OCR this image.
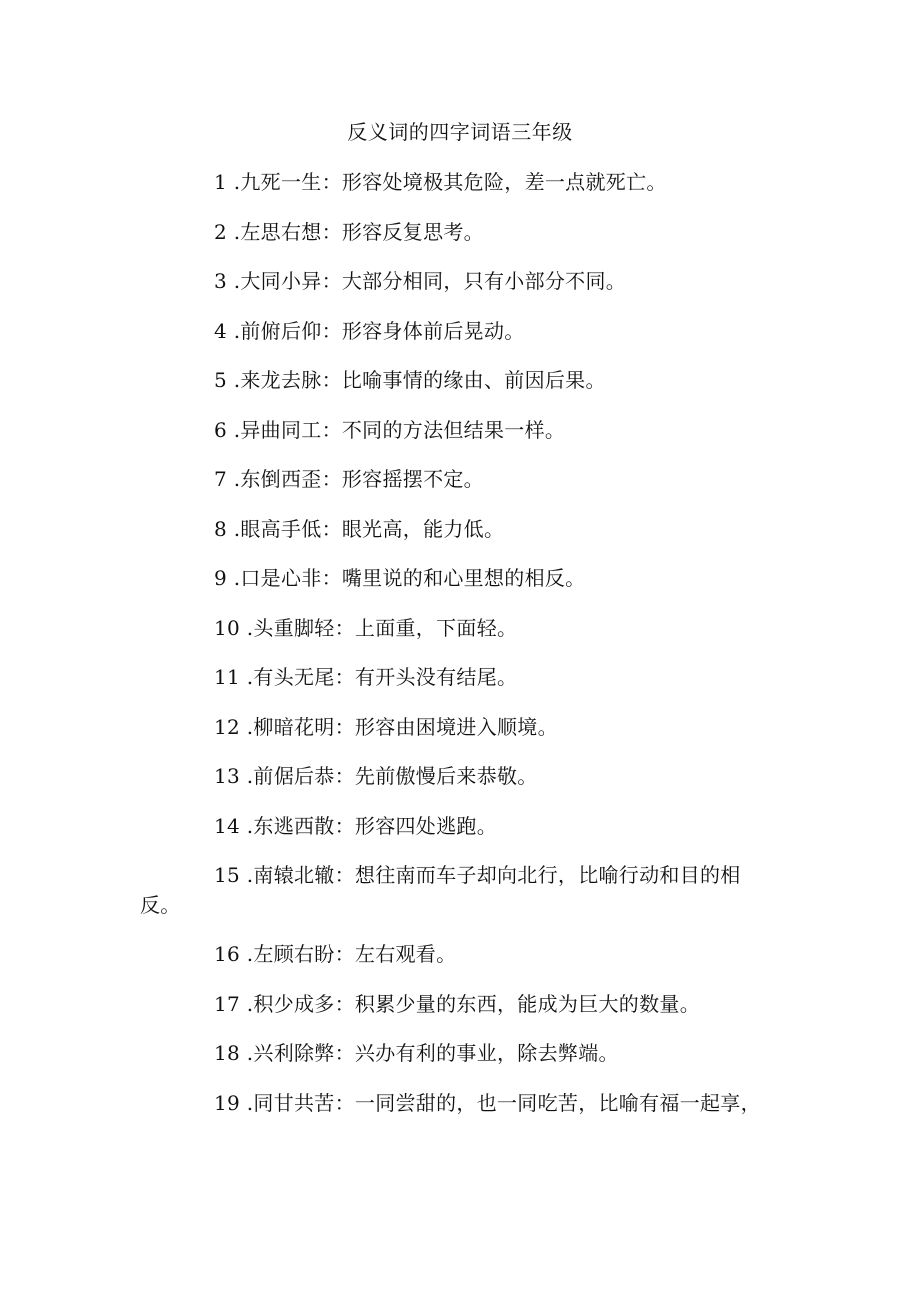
反义词的四字词语三年级

1 .九死一生：形容处境极其危险，差一点就死亡。

2 .左思右想：形容反复思考。

3 .大同小异：大部分相同，只有小部分不同。

4 .前俯后仰：形容身体前后晃动。

5 .来龙去脉：比喻事情的缘由、前因后果。

6 .异曲同工：不同的方法但结果一样。

7 .东倒西歪：形容摇摆不定。

8 .眼高手低：眼光高，能力低。

9 .口是心非：嘴里说的和心里想的相反。

10 .头重脚轻：上面重，下面轻。

11 .有头无尾：有开头没有结尾。

12 .柳暗花明：形容由困境进入顺境。

13 .前倨后恭：先前傲慢后来恭敬。

14 .东逃西散：形容四处逃跑。

15 .南辕北辙：想往南而车子却向北行，比喻行动和目的相反。

16 .左顾右盼：左右观看。

17 .积少成多：积累少量的东西，能成为巨大的数量。

18 .兴利除弊：兴办有利的事业，除去弊端。

19 .同甘共苦：一同尝甜的，也一同吃苦，比喻有福一起享，
